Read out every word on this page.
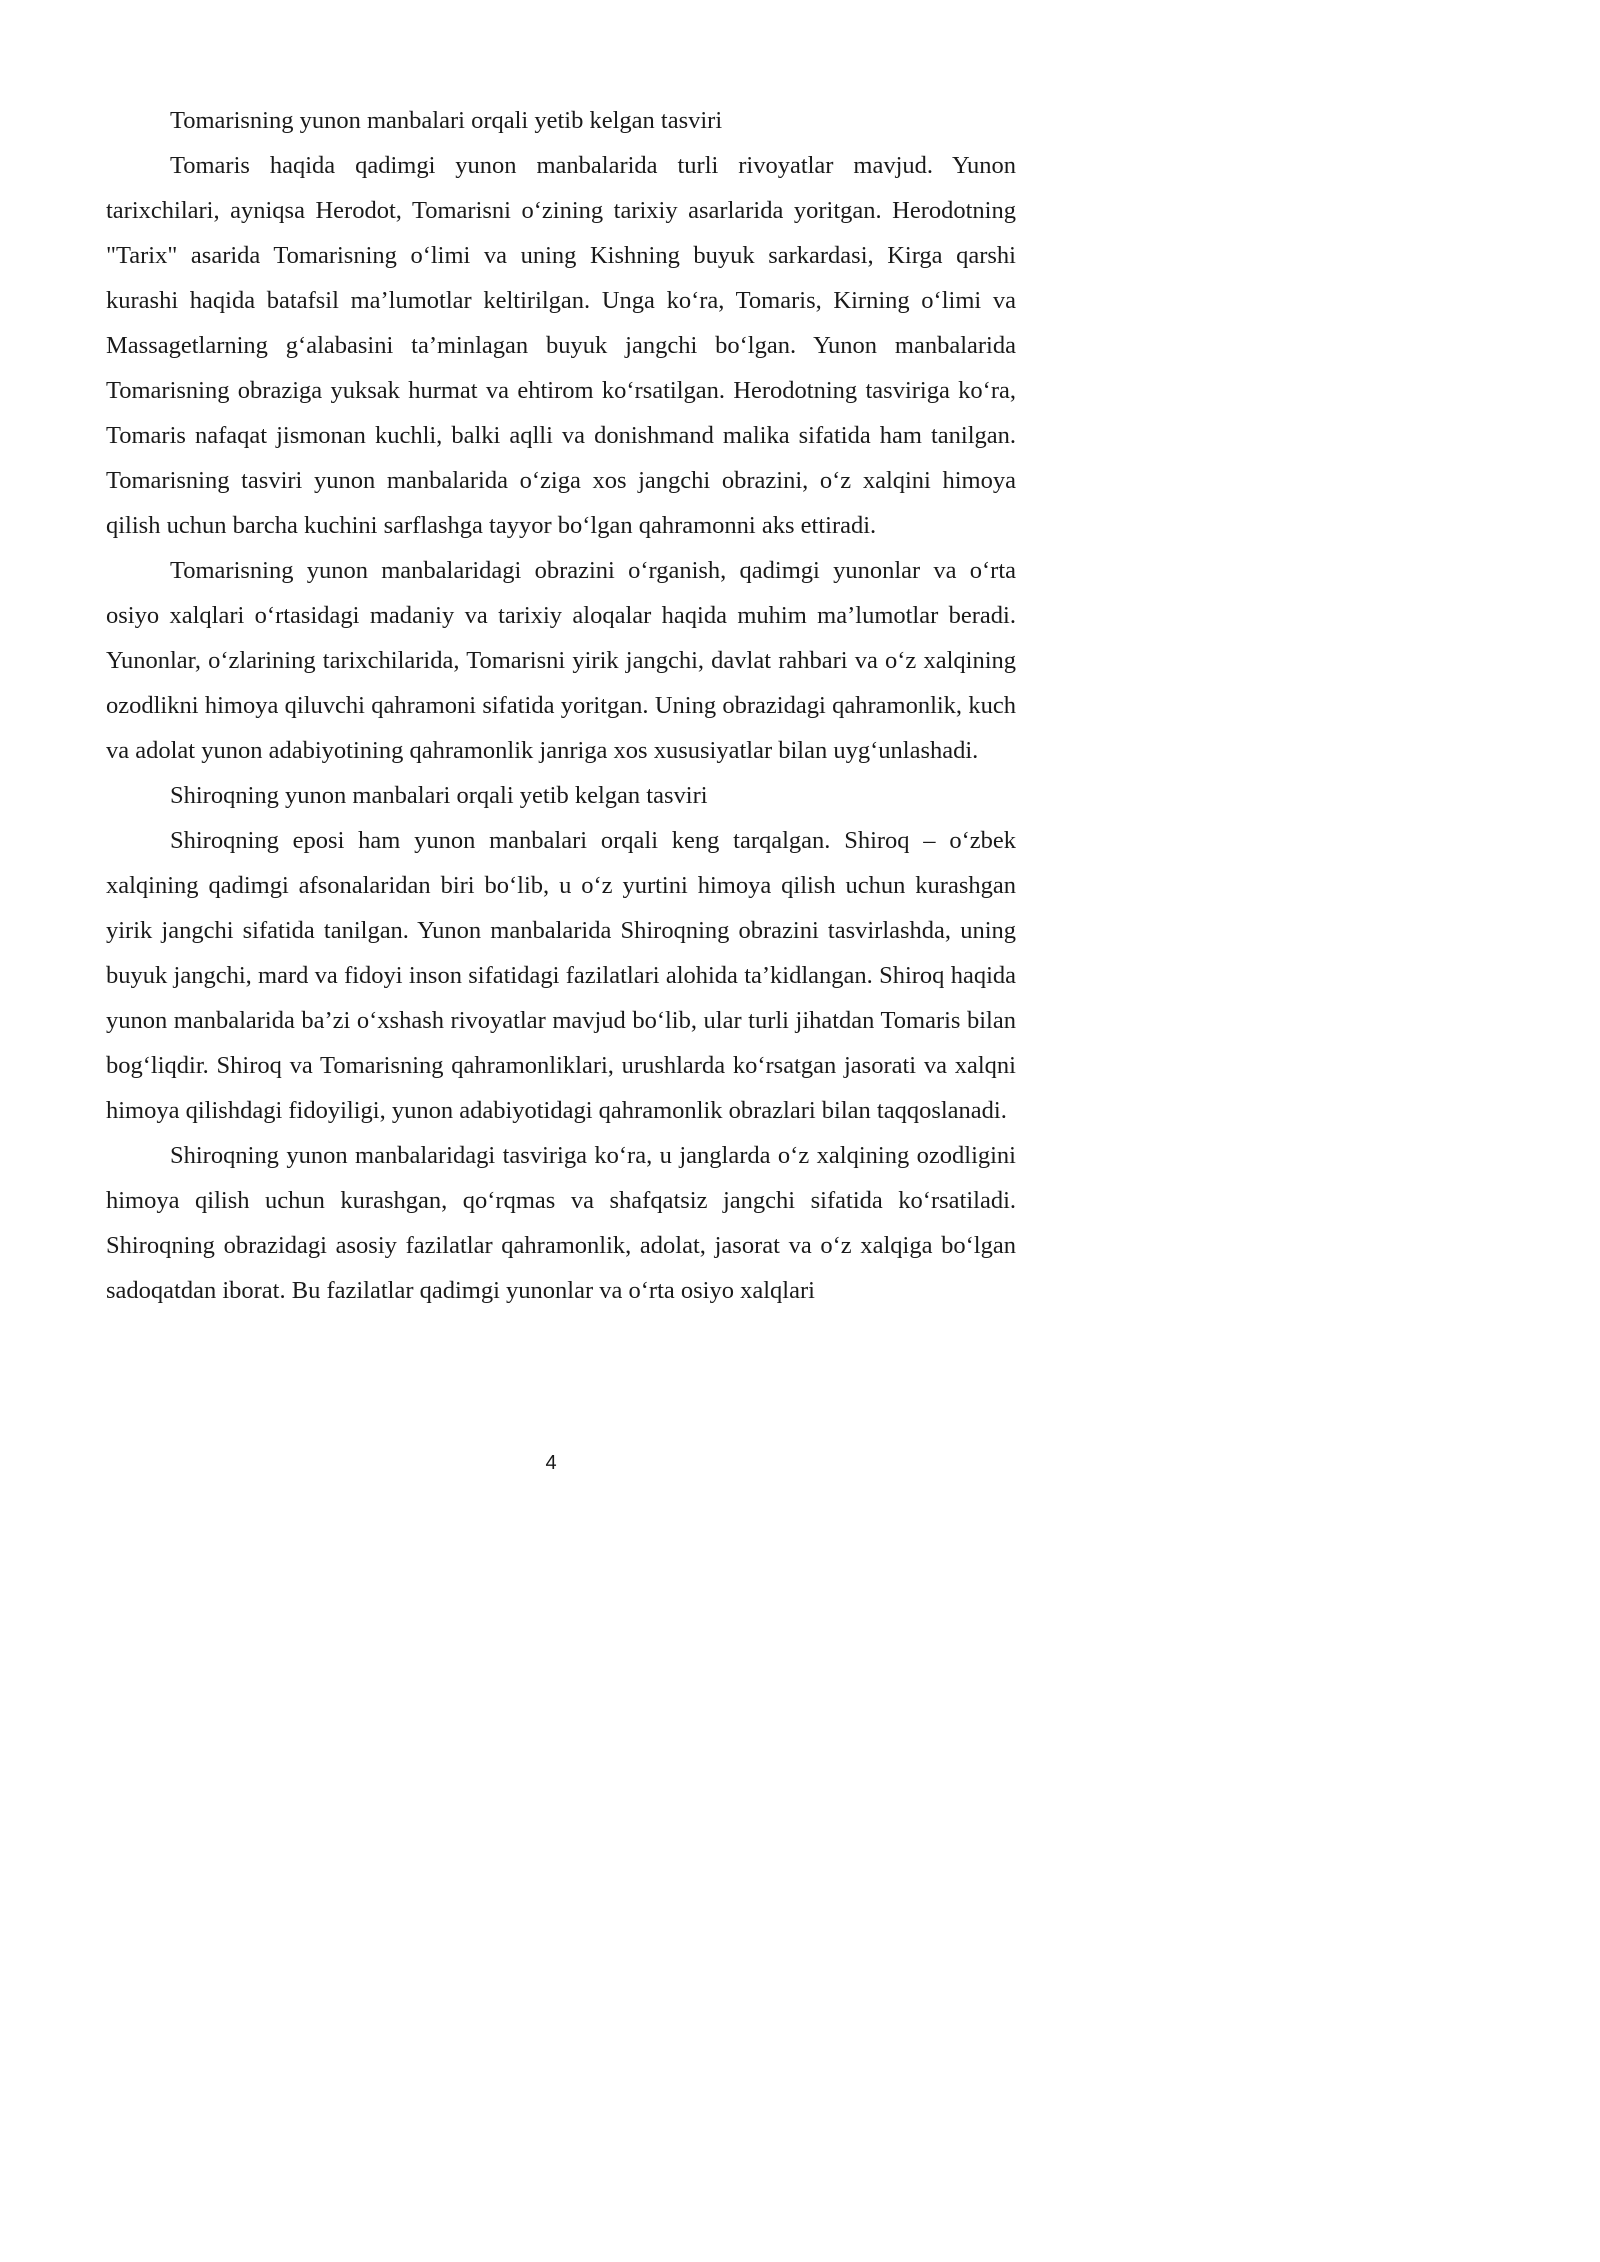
Tomarisning yunon manbalari orqali yetib kelgan tasviri

Tomaris haqida qadimgi yunon manbalarida turli rivoyatlar mavjud. Yunon tarixchilari, ayniqsa Herodot, Tomarisni oʻzining tarixiy asarlarida yoritgan. Herodotning "Tarix" asarida Tomarisning oʻlimi va uning Kishning buyuk sarkardasi, Kirga qarshi kurashi haqida batafsil maʼlumotlar keltirilgan. Unga koʻra, Tomaris, Kirning oʻlimi va Massagetlarning gʻalabasini taʼminlagan buyuk jangchi boʻlgan. Yunon manbalarida Tomarisning obraziga yuksak hurmat va ehtirom koʻrsatilgan. Herodotning tasviriga koʻra, Tomaris nafaqat jismonan kuchli, balki aqlli va donishmand malika sifatida ham tanilgan. Tomarisning tasviri yunon manbalarida oʻziga xos jangchi obrazini, oʻz xalqini himoya qilish uchun barcha kuchini sarflashga tayyor boʻlgan qahramonni aks ettiradi.

Tomarisning yunon manbalaridagi obrazini oʻrganish, qadimgi yunonlar va oʻrta osiyo xalqlari oʻrtasidagi madaniy va tarixiy aloqalar haqida muhim maʼlumotlar beradi. Yunonlar, oʻzlarining tarixchilarida, Tomarisni yirik jangchi, davlat rahbari va oʻz xalqining ozodlikni himoya qiluvchi qahramoni sifatida yoritgan. Uning obrazidagi qahramonlik, kuch va adolat yunon adabiyotining qahramonlik janriga xos xususiyatlar bilan uygʻunlashadi.

Shiroqning yunon manbalari orqali yetib kelgan tasviri

Shiroqning eposi ham yunon manbalari orqali keng tarqalgan. Shiroq – oʻzbek xalqining qadimgi afsonalaridan biri boʻlib, u oʻz yurtini himoya qilish uchun kurashgan yirik jangchi sifatida tanilgan. Yunon manbalarida Shiroqning obrazini tasvirlashda, uning buyuk jangchi, mard va fidoyi inson sifatidagi fazilatlari alohida taʼkidlangan. Shiroq haqida yunon manbalarida baʼzi oʻxshash rivoyatlar mavjud boʻlib, ular turli jihatdan Tomaris bilan bogʻliqdir. Shiroq va Tomarisning qahramonliklari, urushlarda koʻrsatgan jasorati va xalqni himoya qilishdagi fidoyiligi, yunon adabiyotidagi qahramonlik obrazlari bilan taqqoslanadi.

Shiroqning yunon manbalaridagi tasviriga koʻra, u janglarda oʻz xalqining ozodligini himoya qilish uchun kurashgan, qoʻrqmas va shafqatsiz jangchi sifatida koʻrsatiladi. Shiroqning obrazidagi asosiy fazilatlar qahramonlik, adolat, jasorat va oʻz xalqiga boʻlgan sadoqatdan iborat. Bu fazilatlar qadimgi yunonlar va oʻrta osiyo xalqlari

4
